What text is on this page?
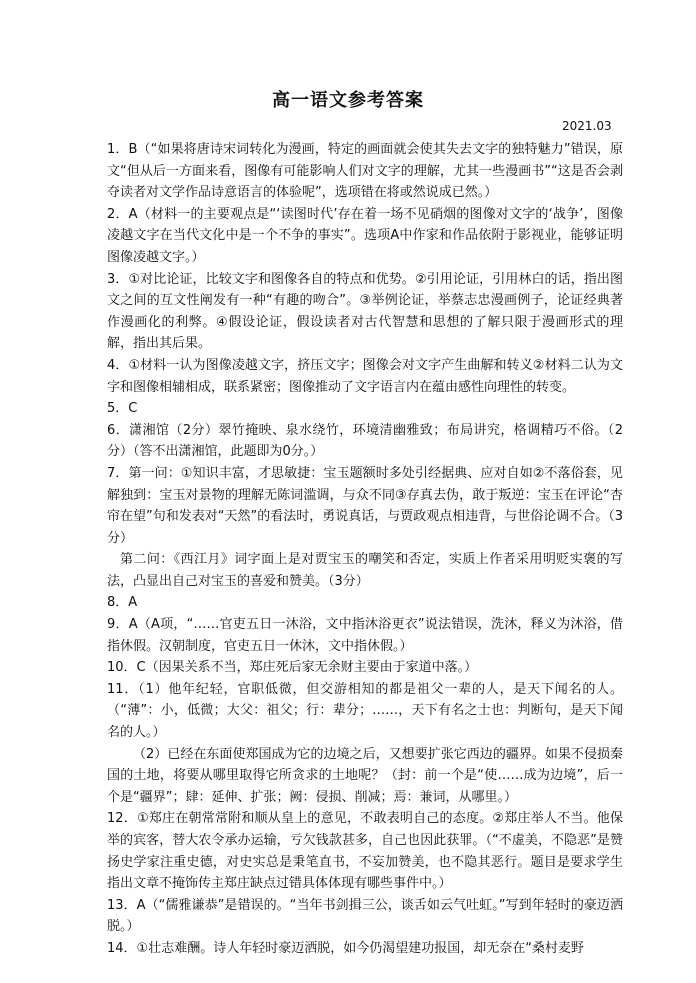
高一语文参考答案
2021.03

1．B（“如果将唐诗宋词转化为漫画，特定的画面就会使其失去文字的独特魅力”错误，原文“但从后一方面来看，图像有可能影响人们对文字的理解，尤其一些漫画书”“这是否会剥夺读者对文学作品诗意语言的体验呢”，选项错在将或然说成已然。）

2．A（材料一的主要观点是“‘读图时代’存在着一场不见硝烟的图像对文字的‘战争’，图像凌越文字在当代文化中是一个不争的事实”。选项A中作家和作品依附于影视业，能够证明图像凌越文字。）

3．①对比论证，比较文字和图像各自的特点和优势。②引用论证，引用林白的话，指出图文之间的互文性阐发有一种“有趣的吻合”。③举例论证，举蔡志忠漫画例子，论证经典著作漫画化的利弊。④假设论证，假设读者对古代智慧和思想的了解只限于漫画形式的理解，指出其后果。

4．①材料一认为图像凌越文字，挤压文字；图像会对文字产生曲解和转义②材料二认为文字和图像相辅相成，联系紧密；图像推动了文字语言内在蕴由感性向理性的转变。

5．C

6．潇湘馆（2分）翠竹掩映、泉水绕竹，环境清幽雅致；布局讲究，格调精巧不俗。（2分）（答不出潇湘馆，此题即为0分。）

7．第一问：①知识丰富，才思敏捷：宝玉题额时多处引经据典、应对自如②不落俗套，见解独到：宝玉对景物的理解无陈词滥调，与众不同③存真去伪，敢于叛逆：宝玉在评论“杏帘在望”句和发表对“天然”的看法时，勇说真话，与贾政观点相违背，与世俗论调不合。（3分）

第二问：《西江月》词字面上是对贾宝玉的嘲笑和否定，实质上作者采用明贬实褒的写法，凸显出自己对宝玉的喜爱和赞美。（3分）

8．A

9．A（A项，“……官吏五日一沐浴，文中指沐浴更衣”说法错误，洗沐，释义为沐浴，借指休假。汉朝制度，官吏五日一休沐，文中指休假。）

10．C（因果关系不当，郑庄死后家无余财主要由于家道中落。）

11．（1）他年纪轻，官职低微，但交游相知的都是祖父一辈的人，是天下闻名的人。（“薄”：小，低微；大父：祖父；行：辈分；……，天下有名之士也：判断句，是天下闻名的人。）

（2）已经在东面使郑国成为它的边境之后，又想要扩张它西边的疆界。如果不侵损秦国的土地，将要从哪里取得它所贪求的土地呢？（封：前一个是“使……成为边境”，后一个是“疆界”；肆：延伸、扩张；阙：侵损、削减；焉：兼词，从哪里。）

12．①郑庄在朝常常附和顺从皇上的意见，不敢表明自己的态度。②郑庄举人不当。他保举的宾客，替大农令承办运输，亏欠钱款甚多，自己也因此获罪。（“不虚美，不隐恶”是赞扬史学家注重史德，对史实总是秉笔直书，不妄加赞美，也不隐其恶行。题目是要求学生指出文章不掩饰传主郑庄缺点过错具体体现有哪些事件中。）

13．A（“儒雅谦恭”是错误的。“当年书剑揖三公，谈舌如云气吐虹。”写到年轻时的豪迈洒脱。）

14．①壮志难酬。诗人年轻时豪迈洒脱，如今仍渴望建功报国，却无奈在“桑村麦野
